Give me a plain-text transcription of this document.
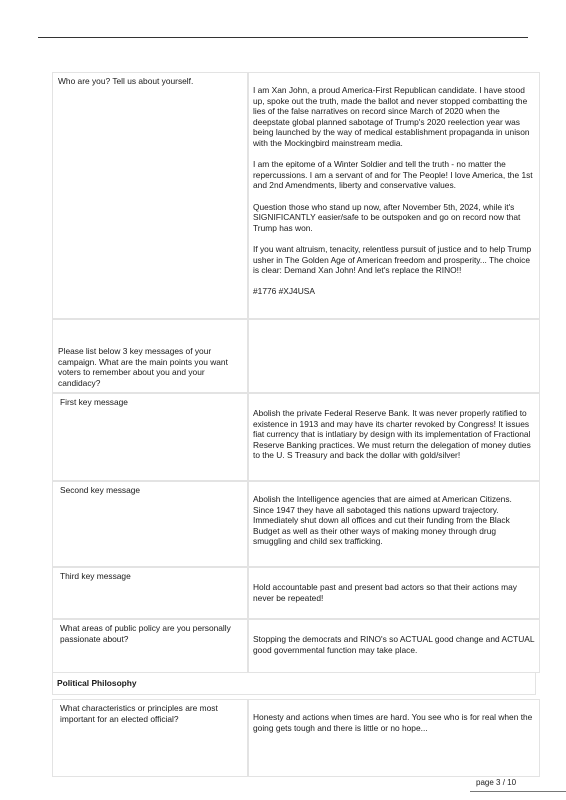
Who are you? Tell us about yourself.

I am Xan John, a proud America-First Republican candidate. I have stood up, spoke out the truth, made the ballot and never stopped combatting the lies of the false narratives on record since March of 2020 when the deepstate global planned sabotage of Trump's 2020 reelection year was being launched by the way of medical establishment propaganda in unison with the Mockingbird mainstream media.

I am the epitome of a Winter Soldier and tell the truth - no matter the repercussions. I am a servant of and for The People! I love America, the 1st and 2nd Amendments, liberty and conservative values.

Question those who stand up now, after November 5th, 2024, while it's SIGNIFICANTLY easier/safe to be outspoken and go on record now that Trump has won.

If you want altruism, tenacity, relentless pursuit of justice and to help Trump usher in The Golden Age of American freedom and prosperity... The choice is clear: Demand Xan John! And let's replace the RINO!!

#1776 #XJ4USA

Please list below 3 key messages of your campaign. What are the main points you want voters to remember about you and your candidacy?
First key message

Abolish the private Federal Reserve Bank. It was never properly ratified to existence in 1913 and may have its charter revoked by Congress! It issues fiat currency that is intlatiary by design with its implementation of Fractional Reserve Banking practices. We must return the delegation of money duties to the U. S Treasury and back the dollar with gold/silver!

Second key message

Abolish the Intelligence agencies that are aimed at American Citizens. Since 1947 they have all sabotaged this nations upward trajectory. Immediately shut down all offices and cut their funding from the Black Budget as well as their other ways of making money through drug smuggling and child sex trafficking.

Third key message

Hold accountable past and present bad actors so that their actions may never be repeated!

What areas of public policy are you personally passionate about?	Stopping the democrats and RINO's so ACTUAL good change and ACTUAL good governmental function may take place.

Political Philosophy
What characteristics or principles are most important for an elected official?	Honesty and actions when times are hard. You see who is for real when the going gets tough and there is little or no hope...

page 3 / 10
